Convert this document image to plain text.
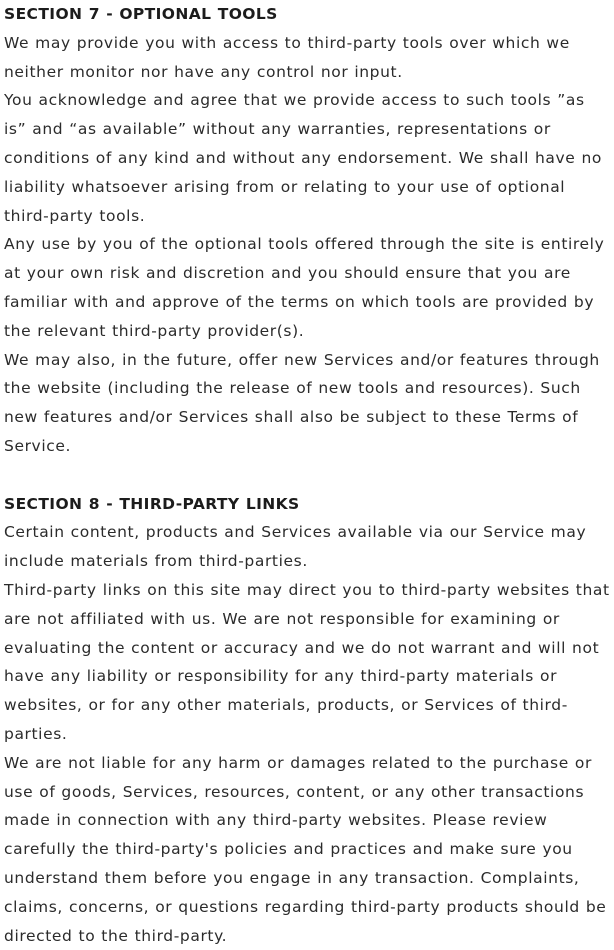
SECTION 7 - OPTIONAL TOOLS

We may provide you with access to third-party tools over which we neither monitor nor have any control nor input.

You acknowledge and agree that we provide access to such tools ”as is” and “as available” without any warranties, representations or conditions of any kind and without any endorsement. We shall have no liability whatsoever arising from or relating to your use of optional third-party tools.

Any use by you of the optional tools offered through the site is entirely at your own risk and discretion and you should ensure that you are familiar with and approve of the terms on which tools are provided by the relevant third-party provider(s).

We may also, in the future, offer new Services and/or features through the website (including the release of new tools and resources). Such new features and/or Services shall also be subject to these Terms of Service.

SECTION 8 - THIRD-PARTY LINKS

Certain content, products and Services available via our Service may include materials from third-parties.

Third-party links on this site may direct you to third-party websites that are not affiliated with us. We are not responsible for examining or evaluating the content or accuracy and we do not warrant and will not have any liability or responsibility for any third-party materials or websites, or for any other materials, products, or Services of third-parties.

We are not liable for any harm or damages related to the purchase or use of goods, Services, resources, content, or any other transactions made in connection with any third-party websites. Please review carefully the third-party's policies and practices and make sure you understand them before you engage in any transaction. Complaints, claims, concerns, or questions regarding third-party products should be directed to the third-party.
